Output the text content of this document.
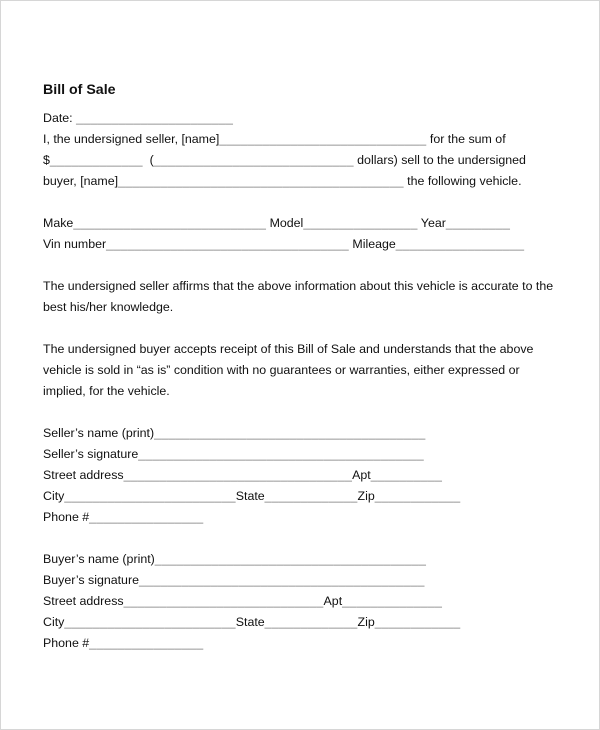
Bill of Sale
Date: ______________________
I, the undersigned seller, [name]_____________________________ for the sum of
$_____________  (____________________________ dollars) sell to the undersigned
buyer, [name]________________________________________ the following vehicle.
Make___________________________ Model________________ Year_________
Vin number__________________________________ Mileage__________________
The undersigned seller affirms that the above information about this vehicle is accurate to the best his/her knowledge.
The undersigned buyer accepts receipt of this Bill of Sale and understands that the above vehicle is sold in “as is” condition with no guarantees or warranties, either expressed or implied, for the vehicle.
Seller’s name (print)______________________________________
Seller’s signature________________________________________
Street address________________________________Apt__________
City________________________State_____________Zip____________
Phone #________________
Buyer’s name (print)______________________________________
Buyer’s signature________________________________________
Street address____________________________Apt______________
City________________________State_____________Zip____________
Phone #________________
